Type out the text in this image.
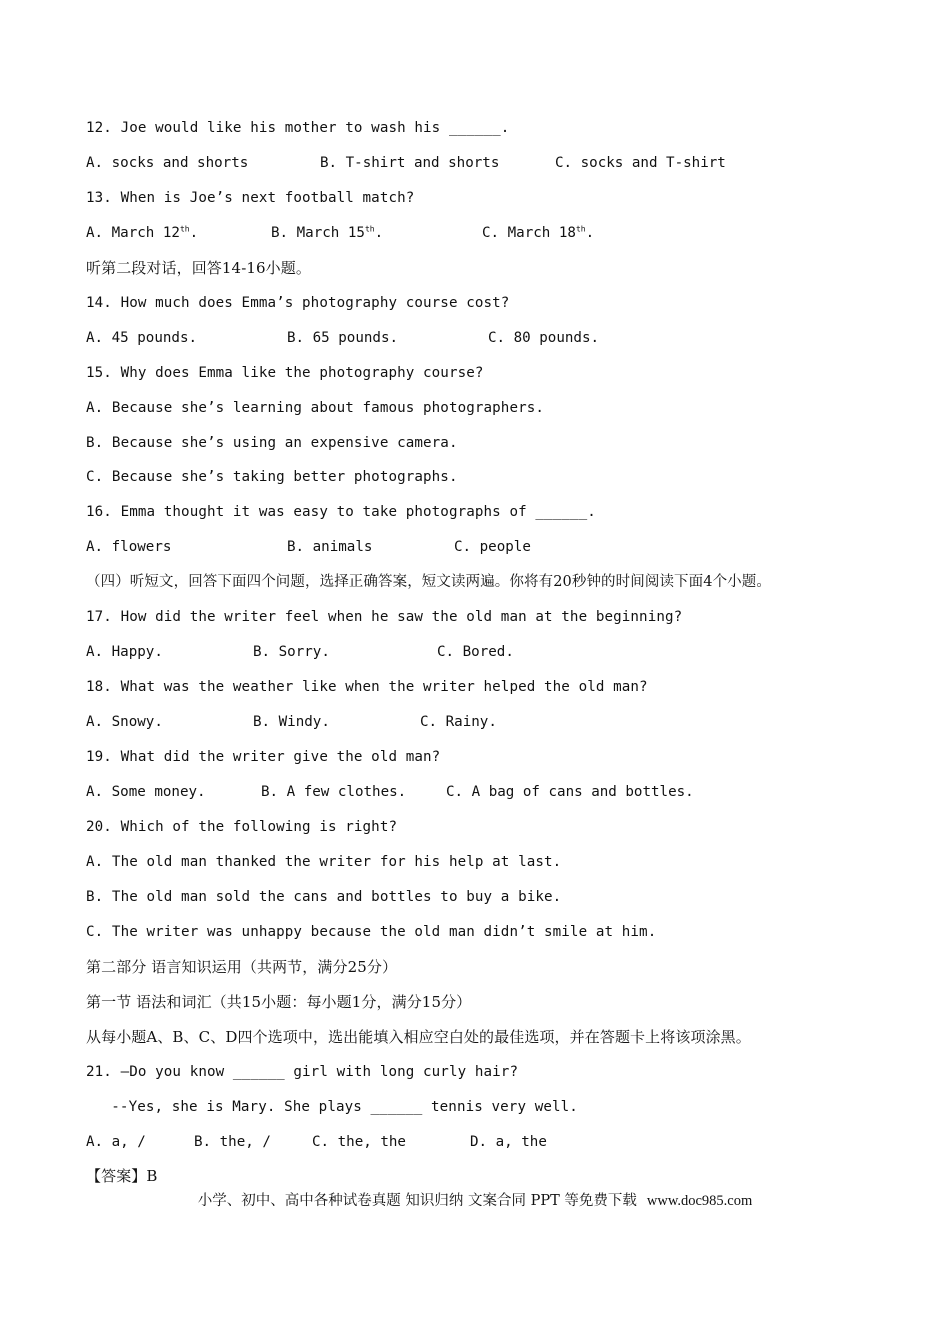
12. Joe would like his mother to wash his ______.
A. socks and shorts	B. T-shirt and shorts	C. socks and T-shirt
13. When is Joe’s next football match?
A. March 12th.	B. March 15th.	C. March 18th.
听第二段对话，回答14-16小题。
14. How much does Emma’s photography course cost?
A. 45 pounds.	B. 65 pounds.	C. 80 pounds.
15. Why does Emma like the photography course?
A. Because she’s learning about famous photographers.
B. Because she’s using an expensive camera.
C. Because she’s taking better photographs.
16. Emma thought it was easy to take photographs of ______.
A. flowers	B. animals	C. people
（四）听短文，回答下面四个问题，选择正确答案，短文读两遍。你将有20秒钟的时间阅读下面4个小题。
17. How did the writer feel when he saw the old man at the beginning?
A. Happy.	B. Sorry.	C. Bored.
18. What was the weather like when the writer helped the old man?
A. Snowy.	B. Windy.	C. Rainy.
19. What did the writer give the old man?
A. Some money.	B. A few clothes.	C. A bag of cans and bottles.
20. Which of the following is right?
A. The old man thanked the writer for his help at last.
B. The old man sold the cans and bottles to buy a bike.
C. The writer was unhappy because the old man didn’t smile at him.
第二部分 语言知识运用（共两节，满分25分）
第一节 语法和词汇（共15小题：每小题1分，满分15分）
从每小题A、B、C、D四个选项中，选出能填入相应空白处的最佳选项，并在答题卡上将该项涂黑。
21. –Do you know ______ girl with long curly hair?
--Yes, she is Mary. She plays ______ tennis very well.
A. a, /	B. the, /	C. the, the	D. a, the
【答案】B
小学、初中、高中各种试卷真题 知识归纳 文案合同 PPT 等免费下载 www.doc985.com
